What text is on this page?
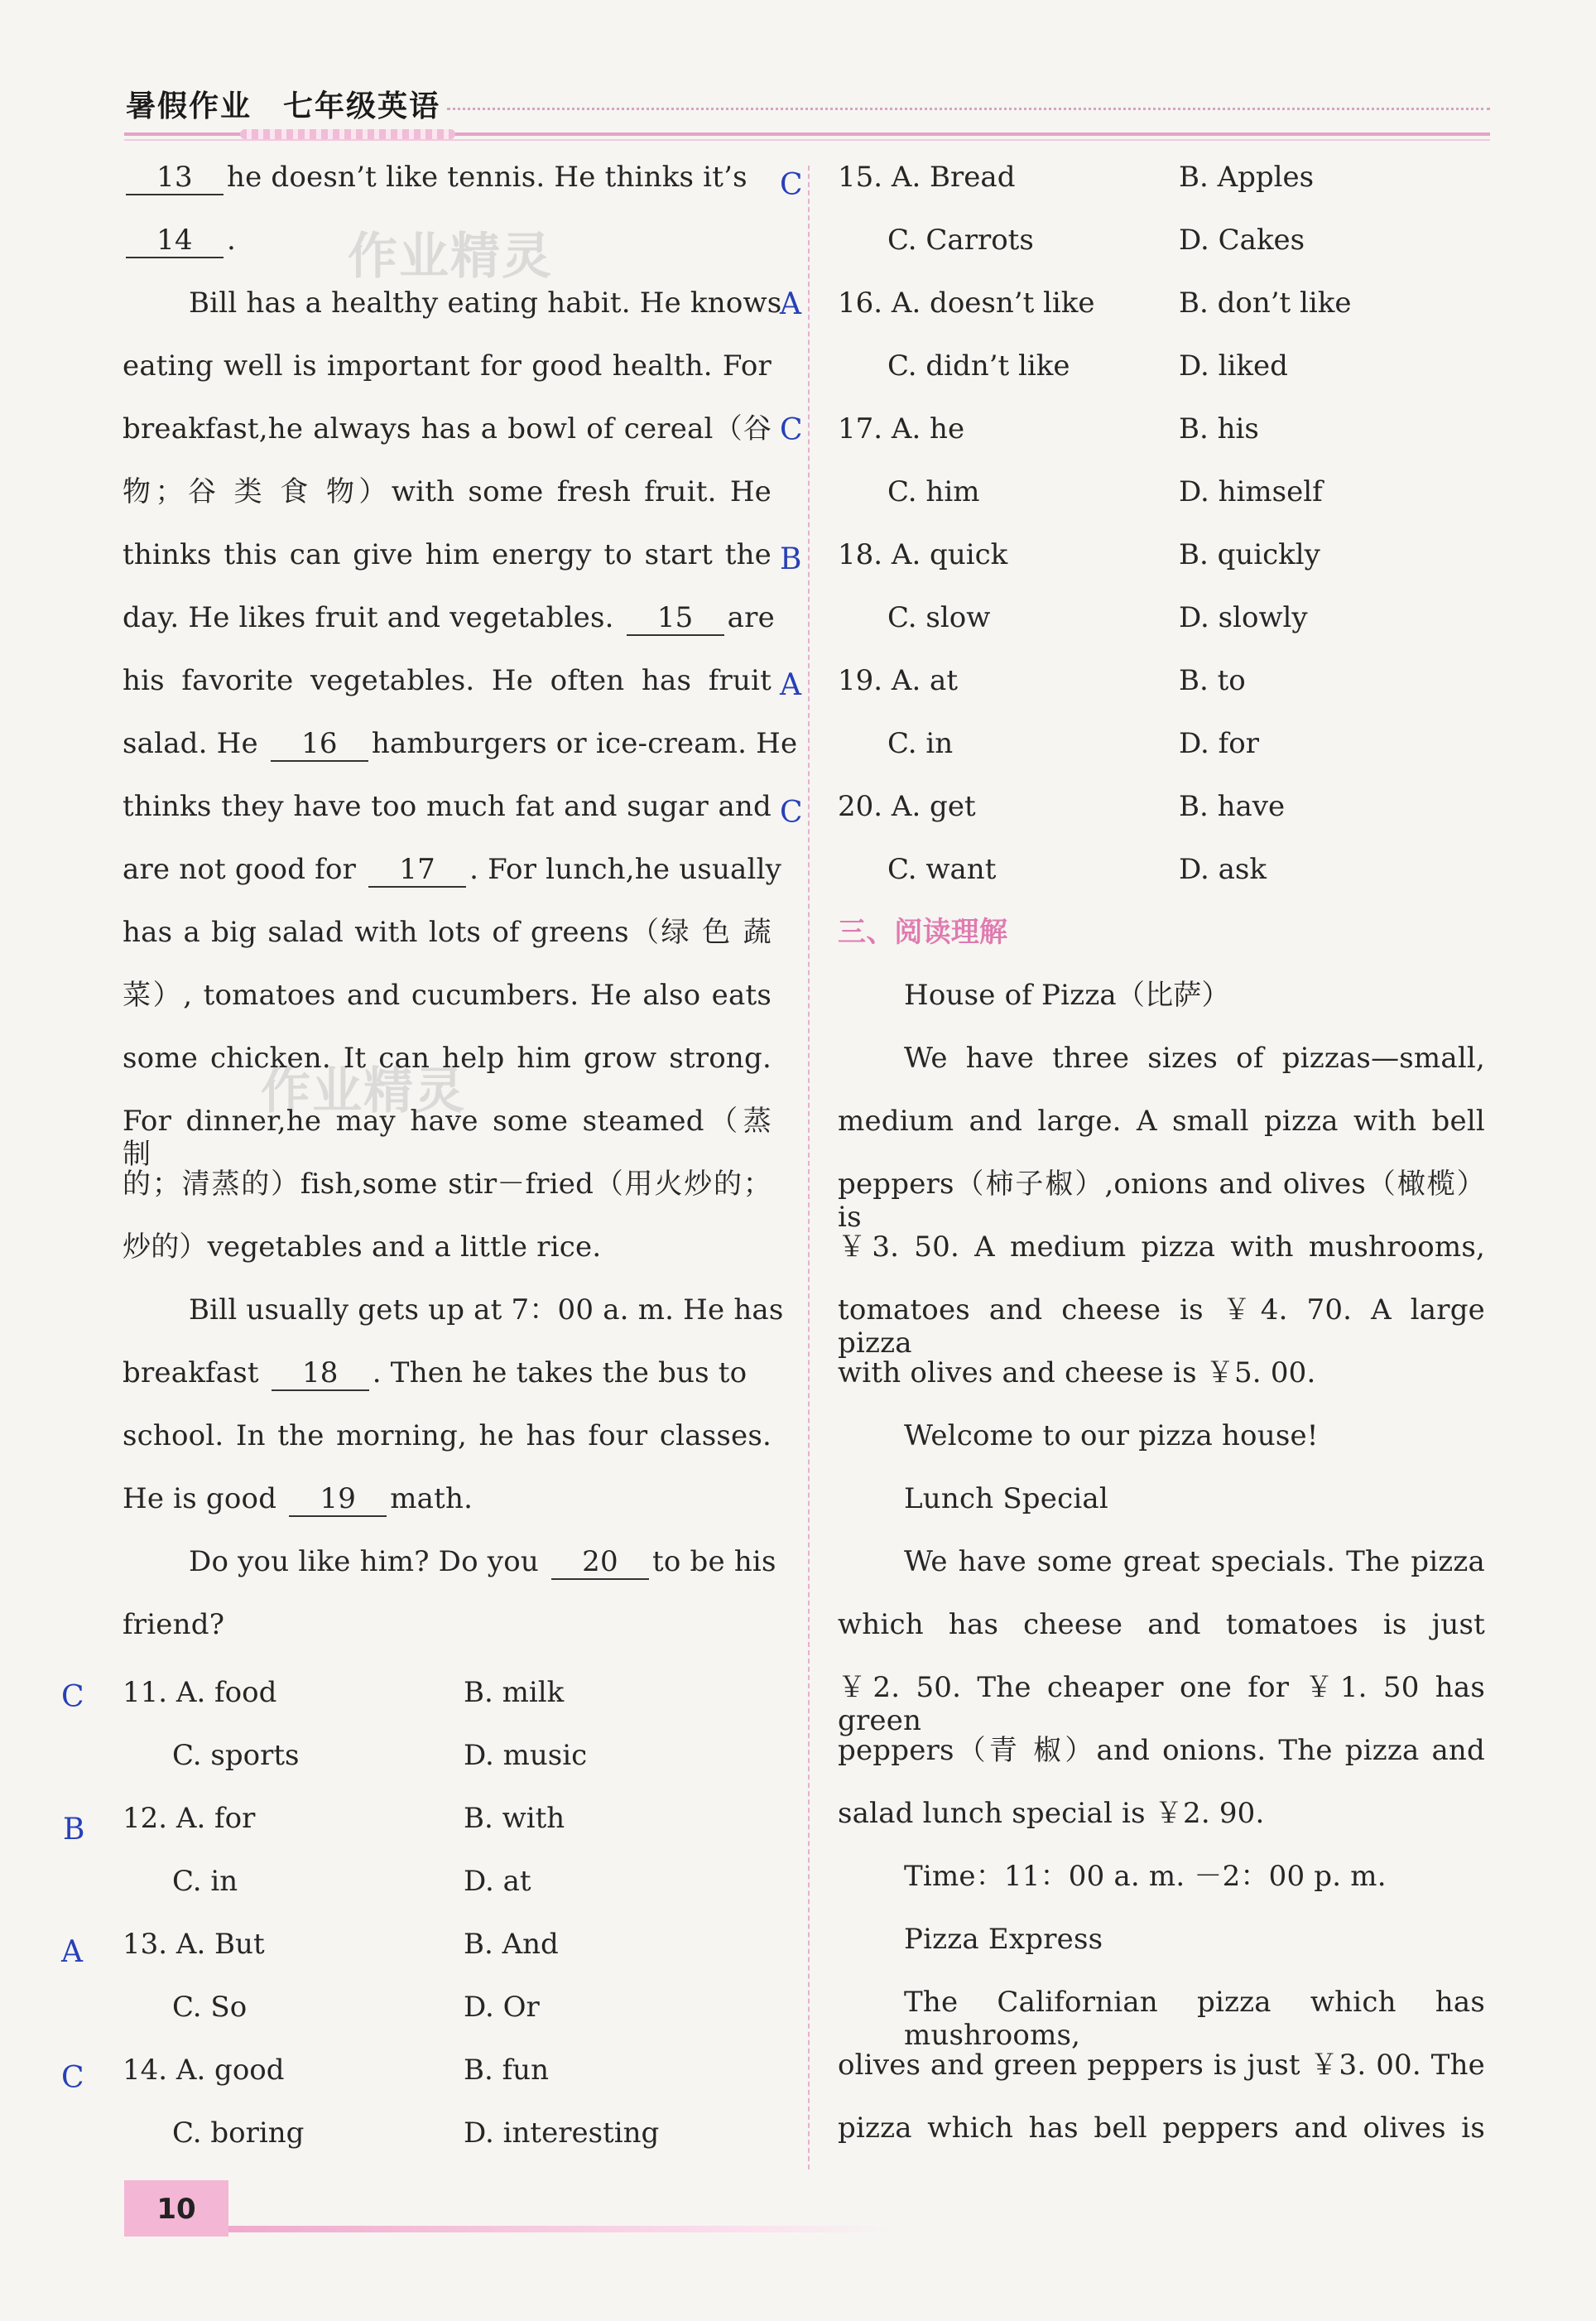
暑假作业　七年级英语
作业精灵
作业精灵
13 he doesn’t like tennis. He thinks it’s
14 .
Bill has a healthy eating habit. He knows
eating well is important for good health. For
breakfast,he always has a bowl of cereal（谷
物；谷 类 食 物）with some fresh fruit. He
thinks this can give him energy to start the
day. He likes fruit and vegetables. 15 are
his favorite vegetables. He often has fruit
salad. He 16 hamburgers or ice-cream. He
thinks they have too much fat and sugar and
are not good for 17 . For lunch,he usually
has a big salad with lots of greens（绿 色 蔬
菜）, tomatoes and cucumbers. He also eats
some chicken. It can help him grow strong.
For dinner,he may have some steamed（蒸 制
的；清蒸的）fish,some stir－fried（用火炒的；
炒的）vegetables and a little rice.
Bill usually gets up at 7：00 a. m. He has
breakfast 18 . Then he takes the bus to
school. In the morning, he has four classes.
He is good 19 math.
Do you like him? Do you 20 to be his
friend?
C
B
A
C
11. A. food	B. milk
C. sports	D. music
12. A. for	B. with
C. in	D. at
13. A. But	B. And
C. So	D. Or
14. A. good	B. fun
C. boring	D. interesting
C
A
C
B
A
C
15. A. Bread	B. Apples
C. Carrots	D. Cakes
16. A. doesn’t like	B. don’t like
C. didn’t like	D. liked
17. A. he	B. his
C. him	D. himself
18. A. quick	B. quickly
C. slow	D. slowly
19. A. at	B. to
C. in	D. for
20. A. get	B. have
C. want	D. ask
三、阅读理解
House of Pizza（比萨）
We have three sizes of pizzas—small,
medium and large. A small pizza with bell
peppers（柿子椒）,onions and olives（橄榄）is
￥3. 50. A medium pizza with mushrooms,
tomatoes and cheese is ￥4. 70. A large pizza
with olives and cheese is ￥5. 00.
Welcome to our pizza house!
Lunch Special
We have some great specials. The pizza
which has cheese and tomatoes is just
￥2. 50. The cheaper one for ￥1. 50 has green
peppers（青 椒）and onions. The pizza and
salad lunch special is ￥2. 90.
Time：11：00 a. m. －2：00 p. m.
Pizza Express
The Californian pizza which has mushrooms,
olives and green peppers is just ￥3. 00. The
pizza which has bell peppers and olives is
10
